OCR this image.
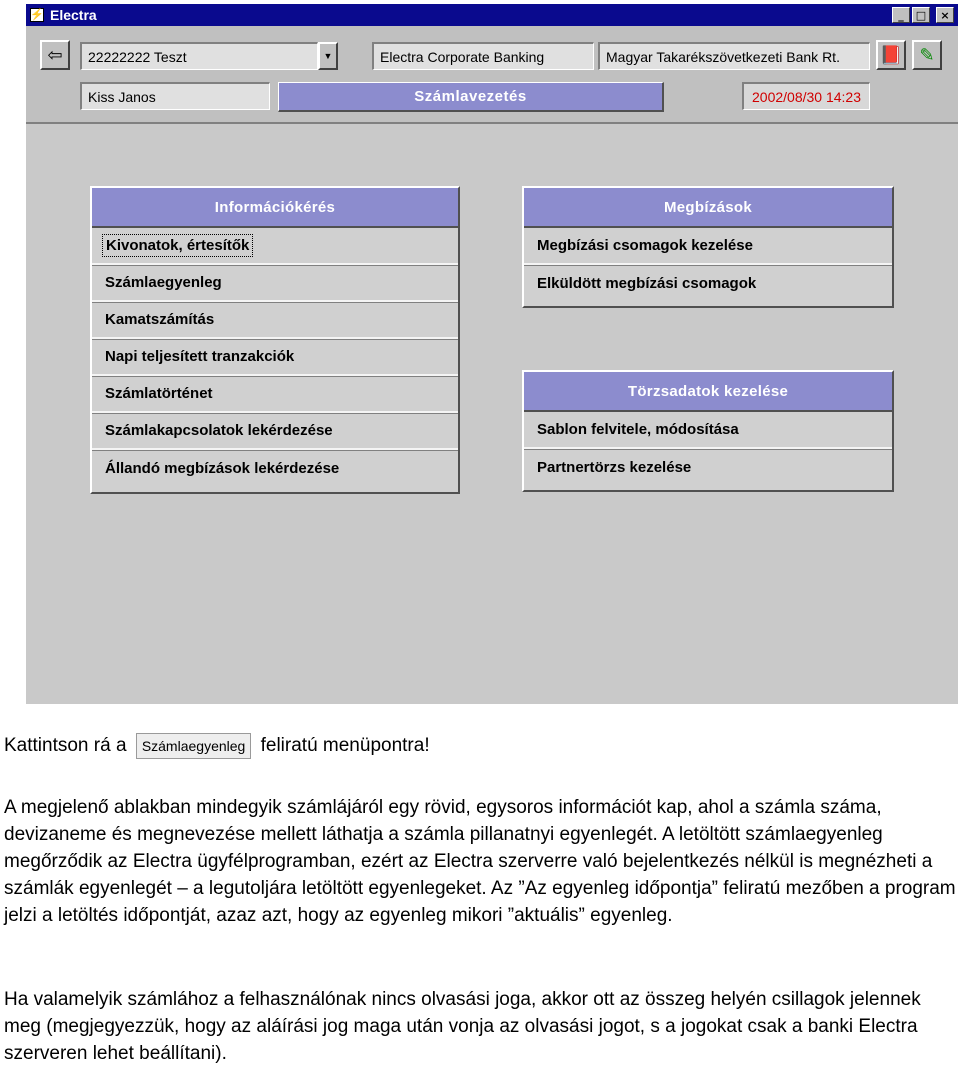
⚡ Electra	_	□	×
⇦	22222222 Teszt	▼	Electra Corporate Banking	Magyar Takarékszövetkezeti Bank Rt.	📕 ✎
Kiss Janos	Számlavezetés	2002/08/30 14:23
Információkérés
Kivonatok, értesítők
Számlaegyenleg
Kamatszámítás
Napi teljesített tranzakciók
Számlatörténet
Számlakapcsolatok lekérdezése
Állandó megbízások lekérdezése
Megbízások
Megbízási csomagok kezelése
Elküldött megbízási csomagok
Törzsadatok kezelése
Sablon felvitele, módosítása
Partnertörzs kezelése
Kattintson rá a Számlaegyenleg feliratú menüpontra!

A megjelenő ablakban mindegyik számlájáról egy rövid, egysoros információt kap, ahol a számla száma, devizaneme és megnevezése mellett láthatja a számla pillanatnyi egyenlegét. A letöltött számlaegyenleg megőrződik az Electra ügyfélprogramban, ezért az Electra szerverre való bejelentkezés nélkül is megnézheti a számlák egyenlegét – a legutoljára letöltött egyenlegeket. Az ”Az egyenleg időpontja” feliratú mezőben a program jelzi a letöltés időpontját, azaz azt, hogy az egyenleg mikori ”aktuális” egyenleg.

Ha valamelyik számlához a felhasználónak nincs olvasási joga, akkor ott az összeg helyén csillagok jelennek meg (megjegyezzük, hogy az aláírási jog maga után vonja az olvasási jogot, s a jogokat csak a banki Electra szerveren lehet beállítani).
